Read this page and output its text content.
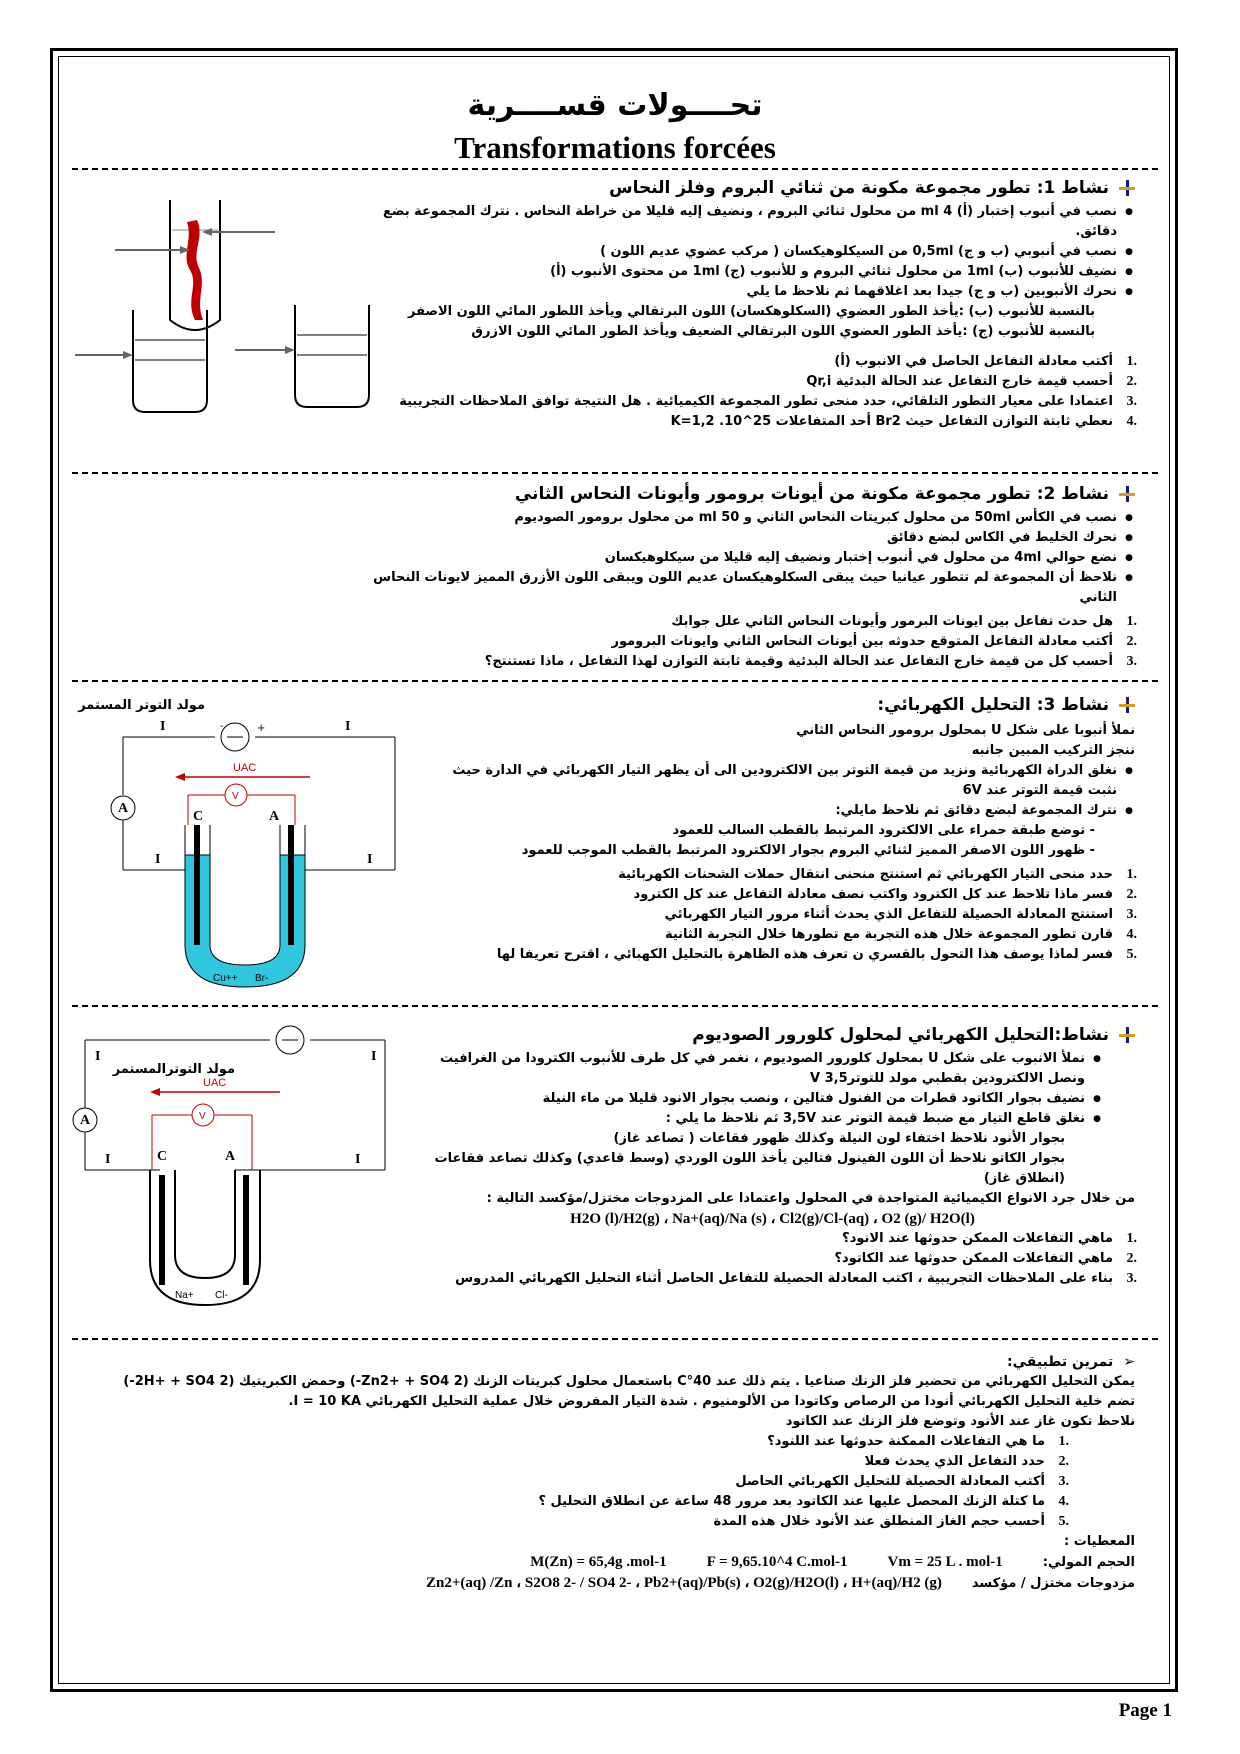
تحــــولات قســــرية
Transformations forcées
نشاط 1: تطور مجموعة مكونة من ثنائي البروم وفلز النحاس
● نصب في أنبوب إختبار (أ) 4 ml من محلول ثنائي البروم ، ونضيف إليه قليلا من خراطة النحاس . نترك المجموعة بضع دقائق.
● نصب في أنبوبي (ب و ج) 0,5ml من السيكلوهيكسان ( مركب عضوي عديم اللون )
● نضيف للأنبوب (ب) 1ml من محلول ثنائي البروم و للأنبوب (ج) 1ml من محتوى الأنبوب (أ)
● نحرك الأنبوبين (ب و ج) جيدا بعد اغلاقهما ثم نلاحظ ما يلي
بالنسبة للأنبوب (ب) :يأخذ الطور العضوي (السكلوهكسان) اللون البرتقالي ويأخذ اللطور المائي اللون الاصفر
بالنسبة للأنبوب (ج) :يأخذ الطور العضوي اللون البرتقالي الضعيف ويأخذ الطور المائي اللون الازرق
1.
أكتب معادلة التفاعل الحاصل في الانبوب (أ)
2.
أحسب قيمة خارج التفاعل عند الحالة البدئية Qr,i
3.
اعتمادا على معيار التطور التلقائي، حدد منحى تطور المجموعة الكيميائية . هل النتيجة توافق الملاحظات التجريبية
4.
نعطي ثابتة التوازن التفاعل حيث Br2 أحد المتفاعلات K=1,2 .10^25
نشاط 2: تطور مجموعة مكونة من أيونات برومور وأيونات النحاس الثاني
● نصب في الكأس 50ml من محلول كبريتات النحاس الثاني و 50 ml من محلول برومور الصوديوم
● نحرك الخليط في الكاس لبضع دقائق
● نضع حوالي 4ml من محلول في أنبوب إختبار ونضيف إليه قليلا من سيكلوهيكسان
● نلاحظ أن المجموعة لم تتطور عيانيا حيث يبقى السكلوهيكسان عديم اللون ويبقى اللون الأزرق المميز لايونات النحاس الثاني
1.
هل حدث تفاعل بين ايونات البرمور وأيونات النحاس الثاني علل جوابك
2.
أكتب معادلة التفاعل المتوقع حدوثه بين أيونات النحاس الثاني وايونات البرومور
3.
أحسب كل من قيمة خارج التفاعل عند الحالة البدئية وقيمة ثابتة التوازن لهذا التفاعل ، ماذا تستنتج؟
نشاط 3: التحليل الكهربائي:
نملأ أنبوبا على شكل U بمحلول برومور النحاس الثاني
ننجز التركيب المبين جانبه
● نغلق الدراة الكهربائية ونزيد من قيمة التوتر بين الالكترودين الى أن يظهر التيار الكهربائي في الدارة حيث نثبت قيمة التوتر عند 6V
● نترك المجموعة لبضع دقائق ثم نلاحظ مايلي:
- توضع طبقة حمراء على الالكترود المرتبط بالقطب السالب للعمود
- ظهور اللون الاصفر المميز لثنائي البروم بجوار الالكترود المرتبط بالقطب الموجب للعمود
1.
حدد منحى التيار الكهربائي ثم استنتج منحنى انتقال حملات الشحنات الكهربائية
2.
فسر ماذا تلاحظ عند كل الكترود واكتب نصف معادلة التفاعل عند كل الكترود
3.
استنتج المعادلة الحصيلة للتفاعل الذي يحدث أثناء مرور التيار الكهربائي
4.
قارن تطور المجموعة خلال هذه التجربة مع تطورها خلال التجربة الثانية
5.
فسر لماذا يوصف هذا التحول بالقسري ن تعرف هذه الظاهرة بالتحليل الكهبائي ، اقترح تعريفا لها
مولد التوتر المستمر
-	+
A
I	I
I	I
UAC
V
C	A
Cu++ Br-
نشاط:التحليل الكهربائي لمحلول كلورور الصوديوم
● نملأ الانبوب على شكل U بمحلول كلورور الصوديوم ، نغمر في كل طرف للأنبوب الكترودا من الغرافيت ونصل الالكترودين بقطبي مولد للتوترV 3,5
● نضيف بجوار الكاتود قطرات من الفنول فتالين ، ونصب بجوار الانود قليلا من ماء النيلة
● نغلق قاطع التيار مع ضبط قيمة التوتر عند 3,5V ثم نلاحظ ما يلي :
بجوار الأنود نلاحظ اختفاء لون النيلة وكذلك ظهور فقاعات ( تصاعد غاز)
بجوار الكاتو نلاحظ أن اللون الفينول فتالين يأخذ اللون الوردي (وسط قاعدي) وكذلك تصاعد فقاعات (انطلاق غاز)
من خلال جرد الانواع الكيميائية المتواجدة في المحلول واعتمادا على المزدوجات مختزل/مؤكسد التالية :
H2O (l)/H2(g) ، Na+(aq)/Na (s) ، Cl2(g)/Cl-(aq) ، O2 (g)/ H2O(l)
1.
ماهي التفاعلات الممكن حدوثها عند الانود؟
2.
ماهي التفاعلات الممكن حدوثها عند الكاتود؟
3.
بناء على الملاحظات التجريبية ، اكتب المعادلة الحصيلة للتفاعل الحاصل أثناء التحليل الكهربائي المدروس
مولد التوترالمستمر
A
I	I
I	I
UAC
V
C	A
Na+ Cl-
➢تمرين تطبيقي:
يمكن التحليل الكهربائي من تحضير فلز الزنك صناعيا . يتم ذلك عند 40°C باستعمال محلول كبريتات الزنك (Zn2+ + SO4 2-) وحمض الكبريتيك (2H+ + SO4 2-)
تضم خلية التحليل الكهربائي أنودا من الرصاص وكاتودا من الألومنيوم . شدة التيار المفروض خلال عملية التحليل الكهربائي I = 10 KA.
نلاحظ تكون غاز عند الأنود وتوضع فلز الزنك عند الكاتود
1.
ما هي التفاعلات الممكنة حدوثها عند اللنود؟
2.
حدد التفاعل الذي يحدث فعلا
3.
أكتب المعادلة الحصيلة للتحليل الكهربائي الحاصل
4.
ما كتلة الزنك المحصل عليها عند الكاتود بعد مرور 48 ساعة عن انطلاق التحليل ؟
5.
أحسب حجم الغاز المنطلق عند الأنود خلال هذه المدة
المعطيات :
الحجم المولي:
Vm = 25 L . mol-1
F = 9,65.10^4 C.mol-1
M(Zn) = 65,4g .mol-1
مزدوجات مختزل / مؤكسد
Zn2+(aq) /Zn ، S2O8 2- / SO4 2- ، Pb2+(aq)/Pb(s) ، O2(g)/H2O(l) ، H+(aq)/H2 (g)
Page 1
